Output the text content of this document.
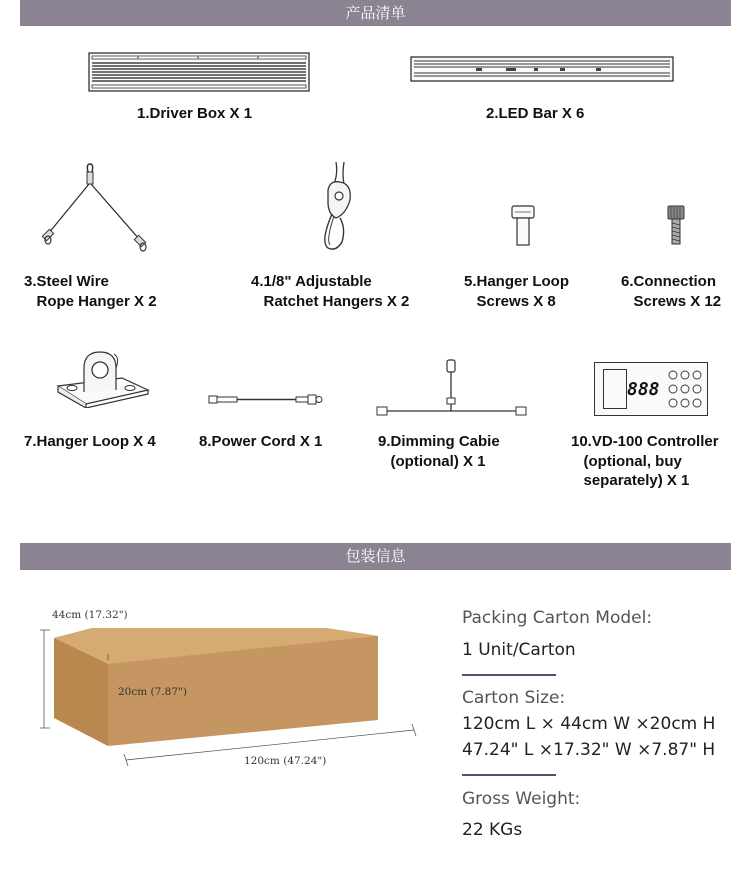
产品清单
1.Driver Box X 1	2.LED Bar X 6
3.Steel Wire
Rope Hanger X 2
4.1/8" Adjustable
Ratchet Hangers X 2
5.Hanger Loop
Screws X 8
6.Connection
Screws X 12
7.Hanger Loop X 4	8.Power Cord X 1	9.Dimming Cabie
(optional) X 1
888
10.VD-100 Controller
(optional, buy
separately) X 1
包装信息
44cm (17.32")
20cm (7.87")
120cm (47.24")
Packing Carton Model:
1 Unit/Carton
Carton Size:
120cm L × 44cm W ×20cm H
47.24" L ×17.32" W ×7.87" H
Gross Weight:
22 KGs
